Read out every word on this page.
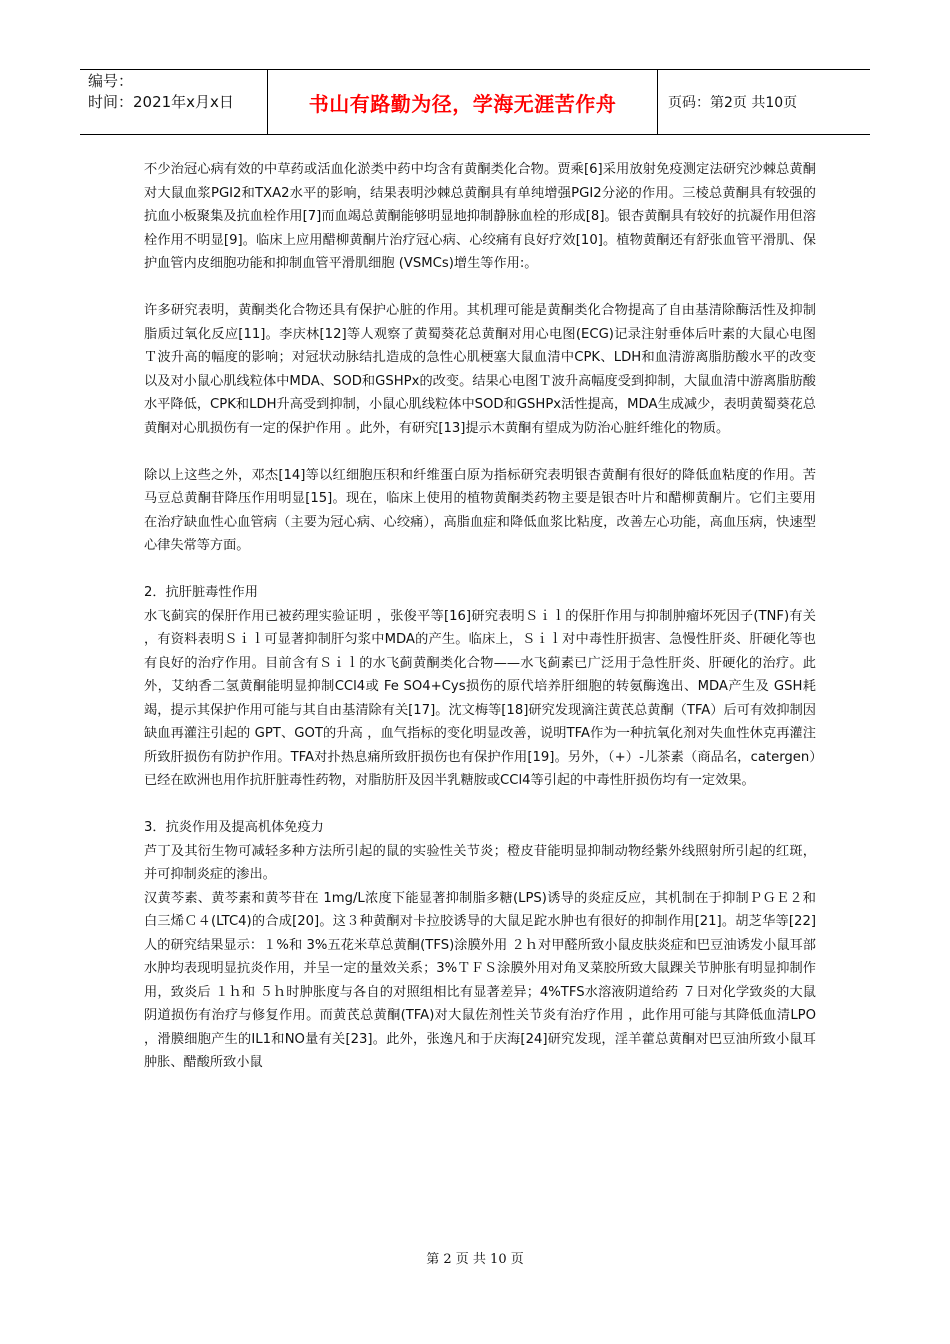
编号：
时间：2021年x月x日	书山有路勤为径，学海无涯苦作舟	页码：第2页 共10页

不少治冠心病有效的中草药或活血化淤类中药中均含有黄酮类化合物。贾乘[6]采用放射免疫测定法研究沙棘总黄酮对大鼠血浆PGI2和TXA2水平的影响，结果表明沙棘总黄酮具有单纯增强PGI2分泌的作用。三棱总黄酮具有较强的抗血小板聚集及抗血栓作用[7]而血竭总黄酮能够明显地抑制静脉血栓的形成[8]。银杏黄酮具有较好的抗凝作用但溶栓作用不明显[9]。临床上应用醋柳黄酮片治疗冠心病、心绞痛有良好疗效[10]。植物黄酮还有舒张血管平滑肌、保护血管内皮细胞功能和抑制血管平滑肌细胞 (VSMCs)增生等作用:。

许多研究表明，黄酮类化合物还具有保护心脏的作用。其机理可能是黄酮类化合物提高了自由基清除酶活性及抑制脂质过氧化反应[11]。李庆林[12]等人观察了黄蜀葵花总黄酮对用心电图(ECG)记录注射垂体后叶素的大鼠心电图Ｔ波升高的幅度的影响；对冠状动脉结扎造成的急性心肌梗塞大鼠血清中CPK、LDH和血清游离脂肪酸水平的改变以及对小鼠心肌线粒体中MDA、SOD和GSHPx的改变。结果心电图Ｔ波升高幅度受到抑制，大鼠血清中游离脂肪酸水平降低，CPK和LDH升高受到抑制，小鼠心肌线粒体中SOD和GSHPx活性提高，MDA生成减少，表明黄蜀葵花总黄酮对心肌损伤有一定的保护作用 。此外，有研究[13]提示木黄酮有望成为防治心脏纤维化的物质。

除以上这些之外，邓杰[14]等以红细胞压积和纤维蛋白原为指标研究表明银杏黄酮有很好的降低血粘度的作用。苦马豆总黄酮苷降压作用明显[15]。现在，临床上使用的植物黄酮类药物主要是银杏叶片和醋柳黄酮片。它们主要用在治疗缺血性心血管病（主要为冠心病、心绞痛），高脂血症和降低血浆比粘度，改善左心功能，高血压病，快速型心律失常等方面。

2．抗肝脏毒性作用

水飞蓟宾的保肝作用已被药理实验证明 ，张俊平等[16]研究表明Ｓｉｌ的保肝作用与抑制肿瘤坏死因子(TNF)有关 ，有资料表明Ｓｉｌ可显著抑制肝匀浆中MDA的产生。临床上，Ｓｉｌ对中毒性肝损害、急慢性肝炎、肝硬化等也有良好的治疗作用。目前含有Ｓｉｌ的水飞蓟黄酮类化合物——水飞蓟素已广泛用于急性肝炎、肝硬化的治疗。此外，艾纳香二氢黄酮能明显抑制CCl4或 Fe SO4+Cys损伤的原代培养肝细胞的转氨酶逸出、MDA产生及 GSH耗竭，提示其保护作用可能与其自由基清除有关[17]。沈文梅等[18]研究发现滴注黄芪总黄酮（TFA）后可有效抑制因缺血再灌注引起的 GPT、GOT的升高 ，血气指标的变化明显改善，说明TFA作为一种抗氧化剂对失血性休克再灌注所致肝损伤有防护作用。TFA对扑热息痛所致肝损伤也有保护作用[19]。另外，（+）-儿茶素（商品名，catergen）已经在欧洲也用作抗肝脏毒性药物，对脂肪肝及因半乳糖胺或CCl4等引起的中毒性肝损伤均有一定效果。

3．抗炎作用及提高机体免疫力

芦丁及其衍生物可减轻多种方法所引起的鼠的实验性关节炎；橙皮苷能明显抑制动物经紫外线照射所引起的红斑，并可抑制炎症的渗出。

汉黄芩素、黄芩素和黄芩苷在 1mg/L浓度下能显著抑制脂多糖(LPS)诱导的炎症反应，其机制在于抑制ＰＧＥ２和白三烯Ｃ４(LTC4)的合成[20]。这３种黄酮对卡拉胶诱导的大鼠足跎水肿也有很好的抑制作用[21]。胡芝华等[22]人的研究结果显示：１%和 3%五花米草总黄酮(TFS)涂膜外用 ２ｈ对甲醛所致小鼠皮肤炎症和巴豆油诱发小鼠耳部水肿均表现明显抗炎作用，并呈一定的量效关系；3%ＴＦＳ涂膜外用对角叉菜胶所致大鼠踝关节肿胀有明显抑制作用，致炎后 １ｈ和 ５ｈ时肿胀度与各自的对照组相比有显著差异；4%TFS水溶液阴道给药 ７日对化学致炎的大鼠阴道损伤有治疗与修复作用。而黄芪总黄酮(TFA)对大鼠佐剂性关节炎有治疗作用 ，此作用可能与其降低血清LPO ，滑膜细胞产生的IL1和NO量有关[23]。此外，张逸凡和于庆海[24]研究发现，淫羊藿总黄酮对巴豆油所致小鼠耳肿胀、醋酸所致小鼠

第 2 页 共 10 页
